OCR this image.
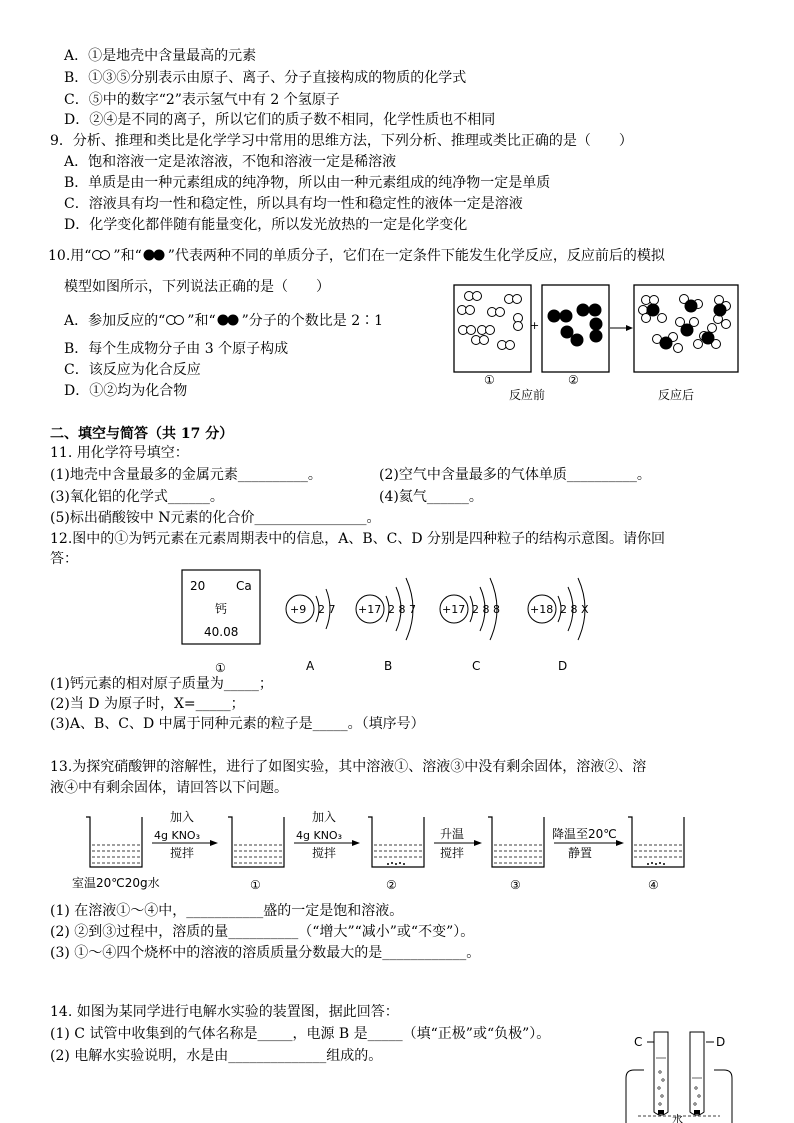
A．①是地壳中含量最高的元素
B．①③⑤分别表示由原子、离子、分子直接构成的物质的化学式
C．⑤中的数字“2”表示氢气中有 2 个氢原子
D．②④是不同的离子，所以它们的质子数不相同，化学性质也不相同
9．分析、推理和类比是化学学习中常用的思维方法，下列分析、推理或类比正确的是（　　）
A．饱和溶液一定是浓溶液，不饱和溶液一定是稀溶液
B．单质是由一种元素组成的纯净物，所以由一种元素组成的纯净物一定是单质
C．溶液具有均一性和稳定性，所以具有均一性和稳定性的液体一定是溶液
D．化学变化都伴随有能量变化，所以发光放热的一定是化学变化
10.用“ ”和“ ”代表两种不同的单质分子，它们在一定条件下能发生化学反应，反应前后的模拟
模型如图所示，下列说法正确的是（　　）
A．参加反应的“ ”和“ ”分子的个数比是 2∶1
B．每个生成物分子由 3 个原子构成
C．该反应为化合反应
D．①②均为化合物
+
①	②
反应前	反应后
二、填空与简答（共 17 分）
11. 用化学符号填空：
(1)地壳中含量最多的金属元素__________。	(2)空气中含量最多的气体单质__________。
(3)氧化铝的化学式______。	(4)氦气______。
(5)标出硝酸铵中 N元素的化合价________________。
12.图中的①为钙元素在元素周期表中的信息，A、B、C、D 分别是四种粒子的结构示意图。请你回
答：
20	Ca
钙
40.08
+9 2 7 +17 2 8 7 +17 2 8 8	+18 2 8 X
①	A	B	C	D
(1)钙元素的相对原子质量为_____；
(2)当 D 为原子时，X=_____；
(3)A、B、C、D 中属于同种元素的粒子是_____。（填序号）
13.为探究硝酸钾的溶解性，进行了如图实验，其中溶液①、溶液③中没有剩余固体，溶液②、溶
液④中有剩余固体，请回答以下问题。
加入
4g KNO₃
搅拌
加入
4g KNO₃
搅拌
升温
搅拌
降温至20℃
静置
室温20℃20g水	①	②	③	④
(1) 在溶液①～④中，___________盛的一定是饱和溶液。
(2) ②到③过程中，溶质的量__________（“增大”“减小”或“不变”）。
(3) ①～④四个烧杯中的溶液的溶质质量分数最大的是____________。
14. 如图为某同学进行电解水实验的装置图，据此回答：
(1) C 试管中收集到的气体名称是_____，电源 B 是_____（填“正极”或“负极”）。
(2) 电解水实验说明，水是由______________组成的。
C	D
水
